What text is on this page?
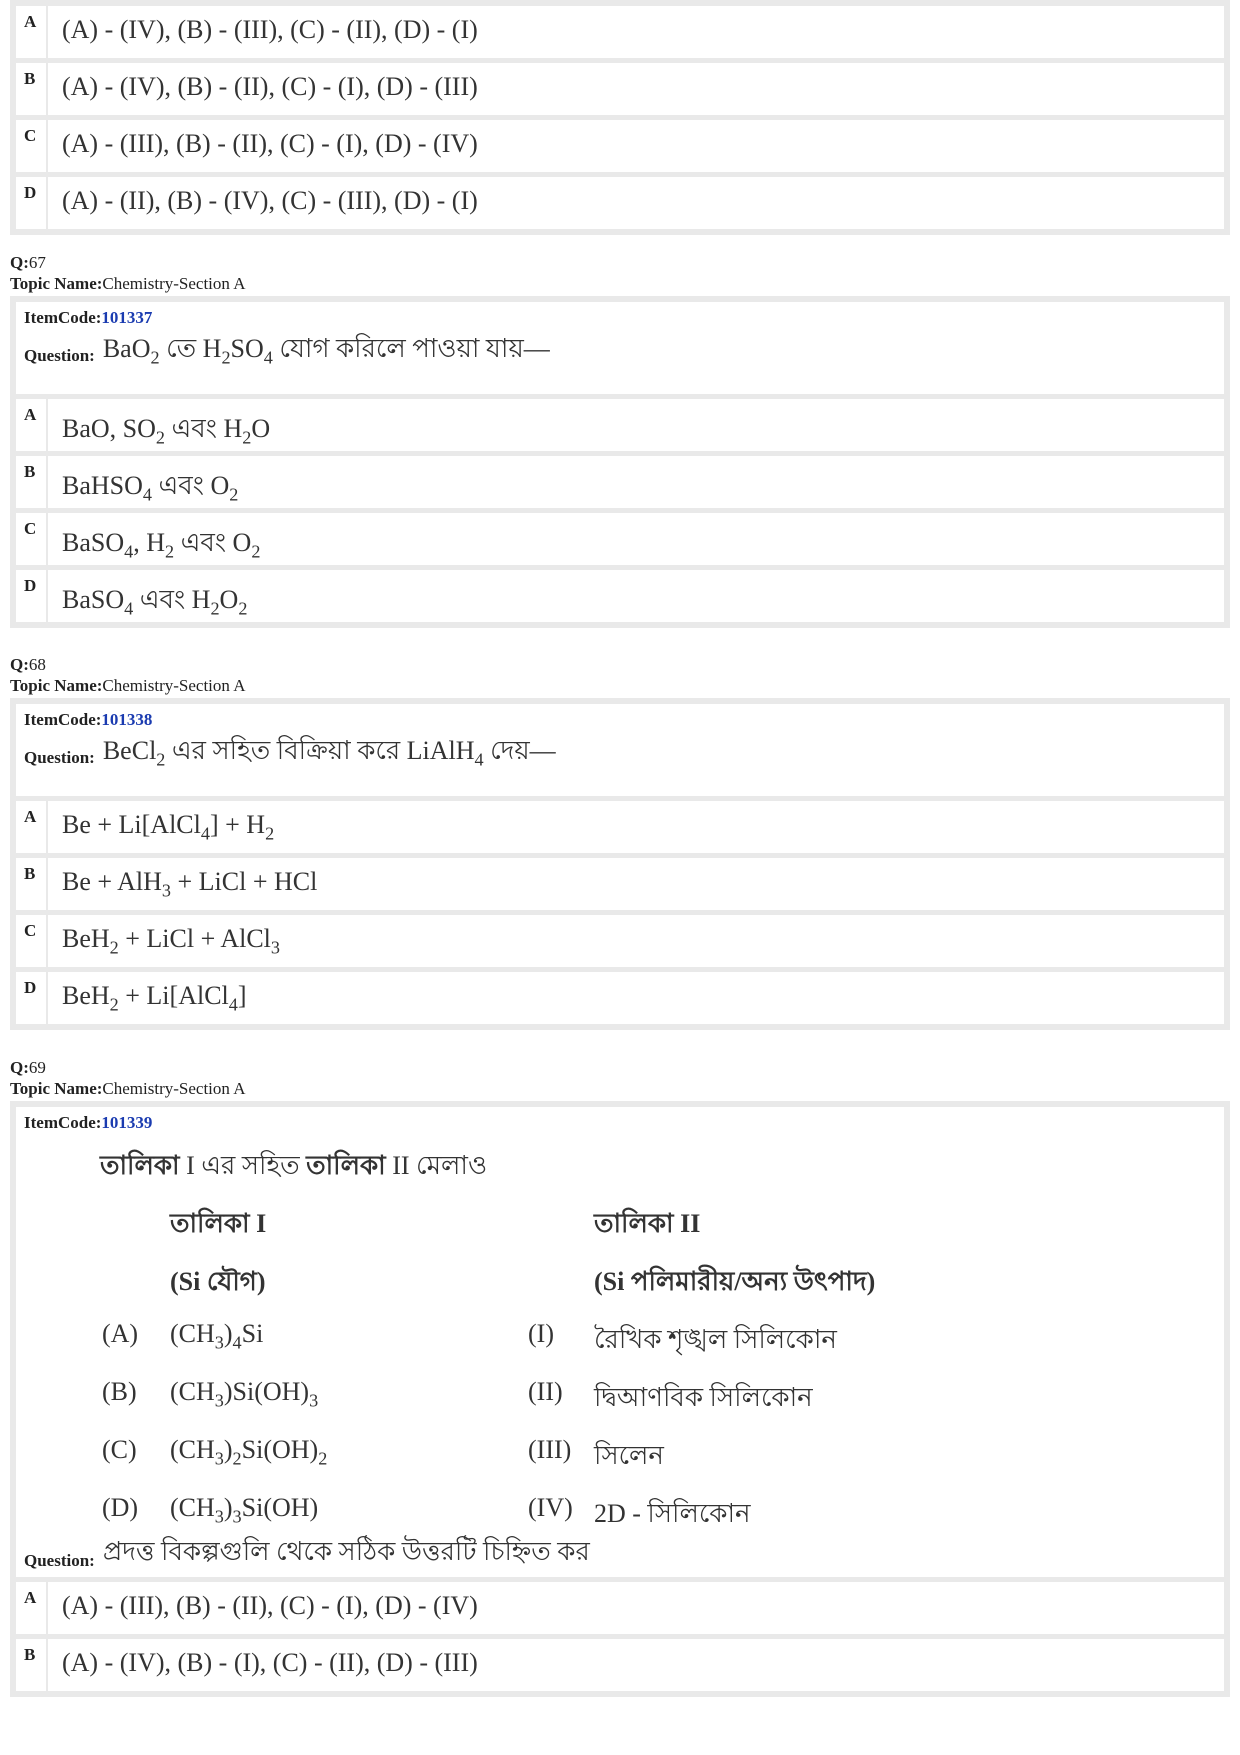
A (A) - (IV), (B) - (III), (C) - (II), (D) - (I)
B	(A) - (IV), (B) - (II), (C) - (I), (D) - (III)
C (A) - (III), (B) - (II), (C) - (I), (D) - (IV)
D (A) - (II), (B) - (IV), (C) - (III), (D) - (I)
Q:67
Topic Name:Chemistry-Section A
ItemCode:101337
Question: BaO$_2$ তে $H_2SO_4$ যোগ করিলে পাওয়া যায়—
A BaO, $SO_2$ এবং $H_2O$
B	BaHSO$_4$ এবং $O_2$
C BaSO$_4$, $H_2$ এবং $O_2$
D BaSO$_4$ এবং $H_2O_2$
Q:68
Topic Name:Chemistry-Section A
ItemCode:101338
Question: BeCl$_2$ এর সহিত বিক্রিয়া করে LiAlH$_4$ দেয়—
A Be + Li[AlCl$_4$] + $H_2$
B	Be + AlH$_3$ + LiCl + HCl
C BeH$_2$ + LiCl + AlCl$_3$
D BeH$_2$ + Li[AlCl$_4$]
Q:69
Topic Name:Chemistry-Section A
ItemCode:101339
তালিকা I এর সহিত তালিকা II মেলাও
তালিকা I	তালিকা II
(Si যৌগ)	(Si পলিমারীয়/অন্য উৎপাদ)
(A) $(CH_3)_4Si$	(I) রৈখিক শৃঙ্খল সিলিকোন
(B) $(CH_3)Si(OH)_3$	(II) দ্বিআণবিক সিলিকোন
(C) $(CH_3)_2Si(OH)_2$	(III) সিলেন
(D) $(CH_3)_3Si(OH)$	(IV) 2D - সিলিকোন
Question: প্রদত্ত বিকল্পগুলি থেকে সঠিক উত্তরটি চিহ্নিত কর
A (A) - (III), (B) - (II), (C) - (I), (D) - (IV)
B	(A) - (IV), (B) - (I), (C) - (II), (D) - (III)
